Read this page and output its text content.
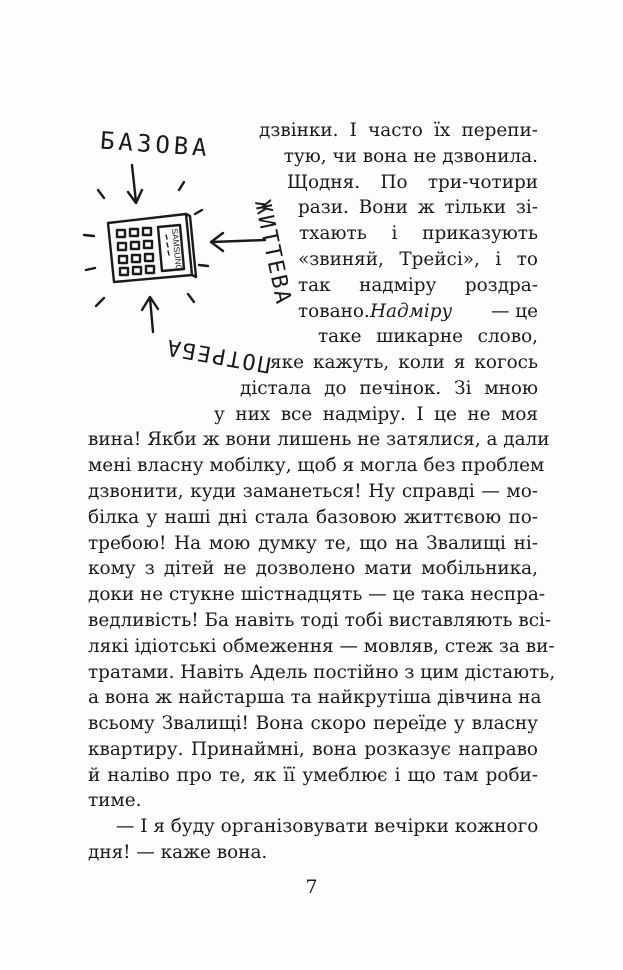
SAMSUNG
БАЗОВА
ЖИТТЕВА
ПОТРЕБА
дзвінки. І часто їх перепи-
тую, чи вона не дзвонила.
Щодня. По три-чотири
рази. Вони ж тільки зі-
тхають і приказують
«звиняй, Трейсі», і то
так надміру роздра-
товано. Надміру — це
таке шикарне слово,
яке кажуть, коли я когось
дістала до печінок. Зі мною
у них все надміру. І це не моя
вина! Якби ж вони лишень не затялися, а дали
мені власну мобілку, щоб я могла без проблем
дзвонити, куди заманеться! Ну справді — мо-
білка у наші дні стала базовою життєвою по-
требою! На мою думку те, що на Звалищі ні-
кому з дітей не дозволено мати мобільника,
доки не стукне шістнадцять — це така неспра-
ведливість! Ба навіть тоді тобі виставляють всі-
лякі ідіотські обмеження — мовляв, стеж за ви-
тратами. Навіть Адель постійно з цим дістають,
а вона ж найстарша та найкрутіша дівчина на
всьому Звалищі! Вона скоро переїде у власну
квартиру. Принаймні, вона розказує направо
й наліво про те, як її умеблює і що там роби-
тиме.
— І я буду організовувати вечірки кожного
дня! — каже вона.
7
